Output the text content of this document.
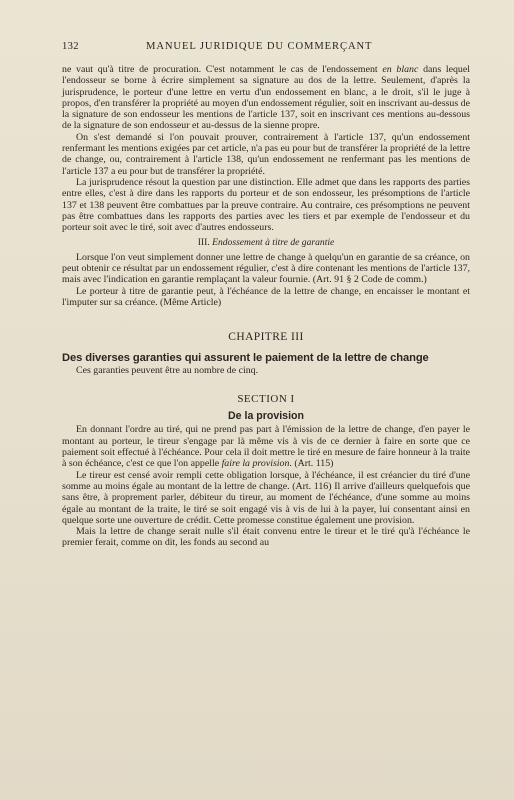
132	MANUEL JURIDIQUE DU COMMERÇANT

ne vaut qu'à titre de procuration. C'est notamment le cas de l'endossement en blanc dans lequel l'endosseur se borne à écrire simplement sa signature au dos de la lettre. Seulement, d'après la jurisprudence, le porteur d'une lettre en vertu d'un endossement en blanc, a le droit, s'il le juge à propos, d'en transférer la propriété au moyen d'un endossement régulier, soit en inscrivant au-dessus de la signature de son endosseur les mentions de l'article 137, soit en inscrivant ces mentions au-dessous de la signature de son endosseur et au-dessus de la sienne propre.

On s'est demandé si l'on pouvait prouver, contrairement à l'article 137, qu'un endossement renfermant les mentions exigées par cet article, n'a pas eu pour but de transférer la propriété de la lettre de change, ou, contrairement à l'article 138, qu'un endossement ne renfermant pas les mentions de l'article 137 a eu pour but de transférer la propriété.

La jurisprudence résout la question par une distinction. Elle admet que dans les rapports des parties entre elles, c'est à dire dans les rapports du porteur et de son endosseur, les présomptions de l'article 137 et 138 peuvent être combattues par la preuve contraire. Au contraire, ces présomptions ne peuvent pas être combattues dans les rapports des parties avec les tiers et par exemple de l'endosseur et du porteur soit avec le tiré, soit avec d'autres endosseurs.

III. Endossement à titre de garantie

Lorsque l'on veut simplement donner une lettre de change à quelqu'un en garantie de sa créance, on peut obtenir ce résultat par un endossement régulier, c'est à dire contenant les mentions de l'article 137, mais avec l'indication en garantie remplaçant la valeur fournie. (Art. 91 § 2 Code de comm.)

Le porteur à titre de garantie peut, à l'échéance de la lettre de change, en encaisser le montant et l'imputer sur sa créance. (Même Article)

CHAPITRE III

Des diverses garanties qui assurent le paiement de la lettre de change

Ces garanties peuvent être au nombre de cinq.

SECTION I

De la provision

En donnant l'ordre au tiré, qui ne prend pas part à l'émission de la lettre de change, d'en payer le montant au porteur, le tireur s'engage par là même vis à vis de ce dernier à faire en sorte que ce paiement soit effectué à l'échéance. Pour cela il doit mettre le tiré en mesure de faire honneur à la traite à son échéance, c'est ce que l'on appelle faire la provision. (Art. 115)

Le tireur est censé avoir rempli cette obligation lorsque, à l'échéance, il est créancier du tiré d'une somme au moins égale au montant de la lettre de change. (Art. 116) Il arrive d'ailleurs quelquefois que sans être, à proprement parler, débiteur du tireur, au moment de l'échéance, d'une somme au moins égale au montant de la traite, le tiré se soit engagé vis à vis de lui à la payer, lui consentant ainsi en quelque sorte une ouverture de crédit. Cette promesse constitue également une provision.

Mais la lettre de change serait nulle s'il était convenu entre le tireur et le tiré qu'à l'échéance le premier ferait, comme on dit, les fonds au second au
